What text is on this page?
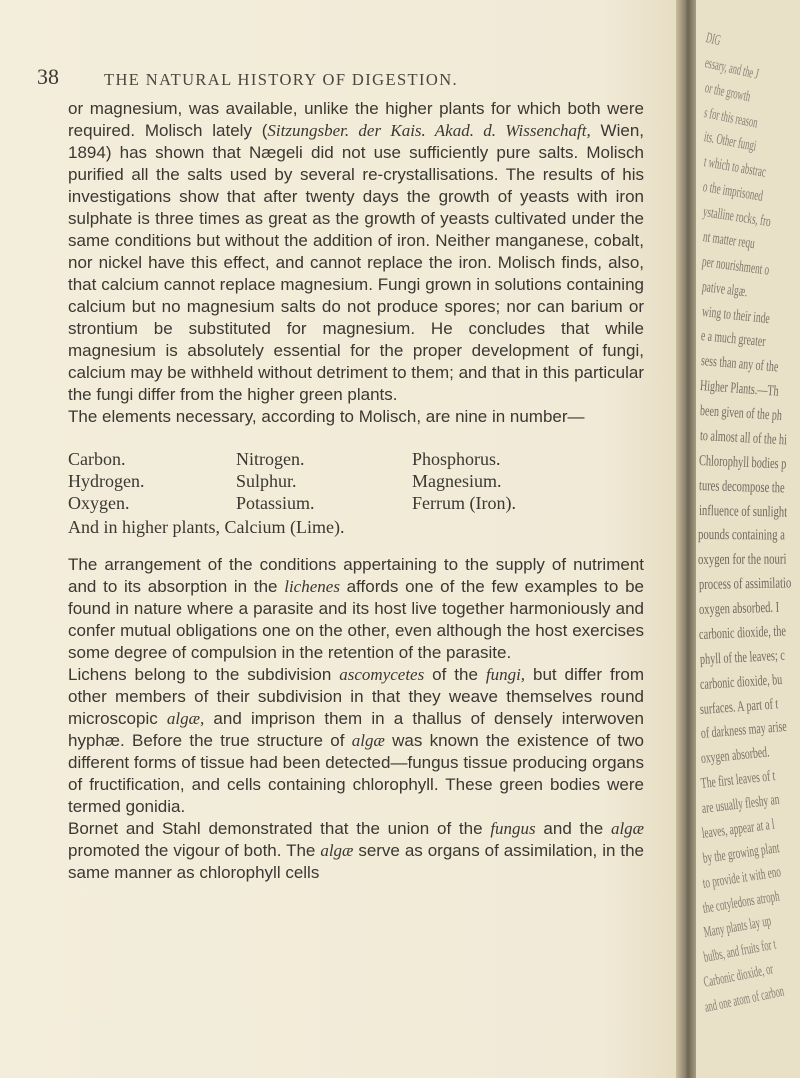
38	THE NATURAL HISTORY OF DIGESTION.

or magnesium, was available, unlike the higher plants for which both were required. Molisch lately (Sitzungsber. der Kais. Akad. d. Wissenchaft, Wien, 1894) has shown that Nægeli did not use sufficiently pure salts. Molisch purified all the salts used by several re-crystallisations. The results of his investigations show that after twenty days the growth of yeasts with iron sulphate is three times as great as the growth of yeasts cultivated under the same conditions but without the addition of iron. Neither manganese, cobalt, nor nickel have this effect, and cannot replace the iron. Molisch finds, also, that calcium cannot replace magnesium. Fungi grown in solutions containing calcium but no magnesium salts do not produce spores; nor can barium or strontium be substituted for magnesium. He concludes that while magnesium is absolutely essential for the proper development of fungi, calcium may be withheld without detriment to them; and that in this particular the fungi differ from the higher green plants.

The elements necessary, according to Molisch, are nine in number—

Carbon.	Nitrogen.	Phosphorus.
Hydrogen.	Sulphur.	Magnesium.
Oxygen.	Potassium.	Ferrum (Iron).
And in higher plants, Calcium (Lime).

The arrangement of the conditions appertaining to the supply of nutriment and to its absorption in the lichenes affords one of the few examples to be found in nature where a parasite and its host live together harmoniously and confer mutual obligations one on the other, even although the host exercises some degree of compulsion in the retention of the parasite.

Lichens belong to the subdivision ascomycetes of the fungi, but differ from other members of their subdivision in that they weave themselves round microscopic algæ, and imprison them in a thallus of densely interwoven hyphæ. Before the true structure of algæ was known the existence of two different forms of tissue had been detected—fungus tissue producing organs of fructification, and cells containing chlorophyll. These green bodies were termed gonidia.

Bornet and Stahl demonstrated that the union of the fungus and the algæ promoted the vigour of both. The algæ serve as organs of assimilation, in the same manner as chlorophyll cells

DIG
essary, and the J
or the growth
s for this reason
its. Other fungi
t which to abstrac
o the imprisoned
ystalline rocks, fro
nt matter requ
per nourishment o
pative algæ.
wing to their inde
e a much greater
sess than any of the
Higher Plants.—Th
been given of the ph
to almost all of the hi
Chlorophyll bodies p
tures decompose the
influence of sunlight
pounds containing a
oxygen for the nouri
process of assimilatio
oxygen absorbed. I
carbonic dioxide, the
phyll of the leaves; c
carbonic dioxide, bu
surfaces. A part of t
of darkness may arise
oxygen absorbed.
The first leaves of t
are usually fleshy an
leaves, appear at a l
by the growing plant
to provide it with eno
the cotyledons atroph
Many plants lay up
bulbs, and fruits for t
Carbonic dioxide, or
and one atom of carbon
